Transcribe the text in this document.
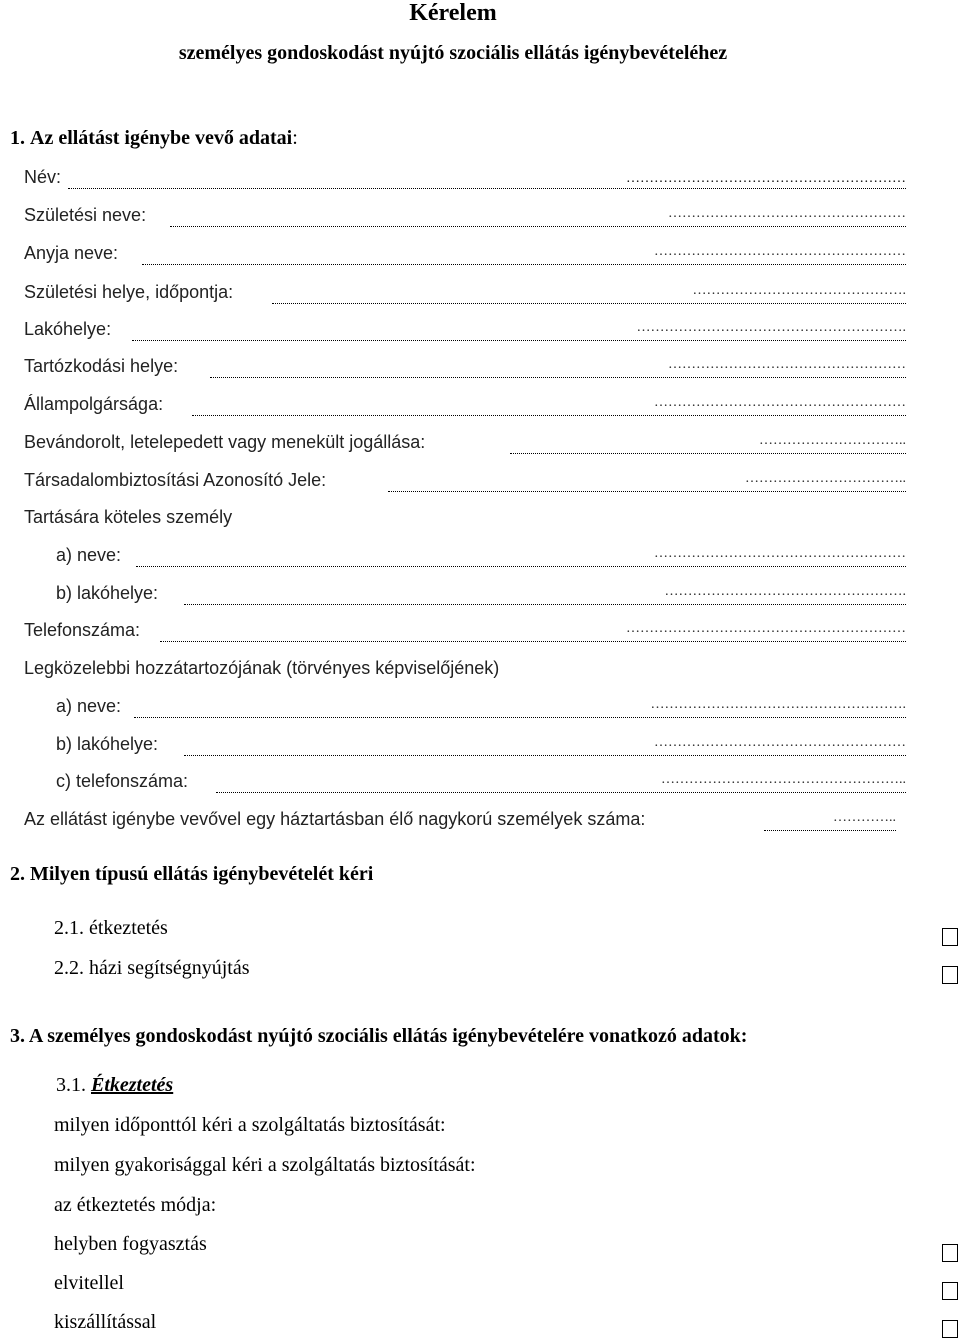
Kérelem
személyes gondoskodást nyújtó szociális ellátás igénybevételéhez
1. Az ellátást igénybe vevő adatai:
Név:
Születési neve:	……………………………………………
Anyja neve:	………………………………………………
Születési helye, időpontja:	……………………………………….
Lakóhelye:	………………………………………………….
Tartózkodási helye:	……………………………………………
Állampolgársága:	………………………………………………
Bevándorolt, letelepedett vagy menekült jogállása:	…………………………..
Társadalombiztosítási Azonosító Jele:	……………………………..
Tartására köteles személy
a) neve:	………………………………………………
b) lakóhelye:	…………………………………………….
Telefonszáma:	……………………………………………………
Legközelebbi hozzátartozójának (törvényes képviselőjének)
a) neve:	……………………………………………….
b) lakóhelye:	………………………………………………
c) telefonszáma:	……………………………………………..
Az ellátást igénybe vevővel egy háztartásban élő nagykorú személyek száma:	…………..
……………………………………………………
2. Milyen típusú ellátás igénybevételét kéri
2.1. étkeztetés
2.2. házi segítségnyújtás
3. A személyes gondoskodást nyújtó szociális ellátás igénybevételére vonatkozó adatok:
3.1. Étkeztetés
milyen időponttól kéri a szolgáltatás biztosítását:
milyen gyakorisággal kéri a szolgáltatás biztosítását:
az étkeztetés módja:
helyben fogyasztás
elvitellel
kiszállítással
